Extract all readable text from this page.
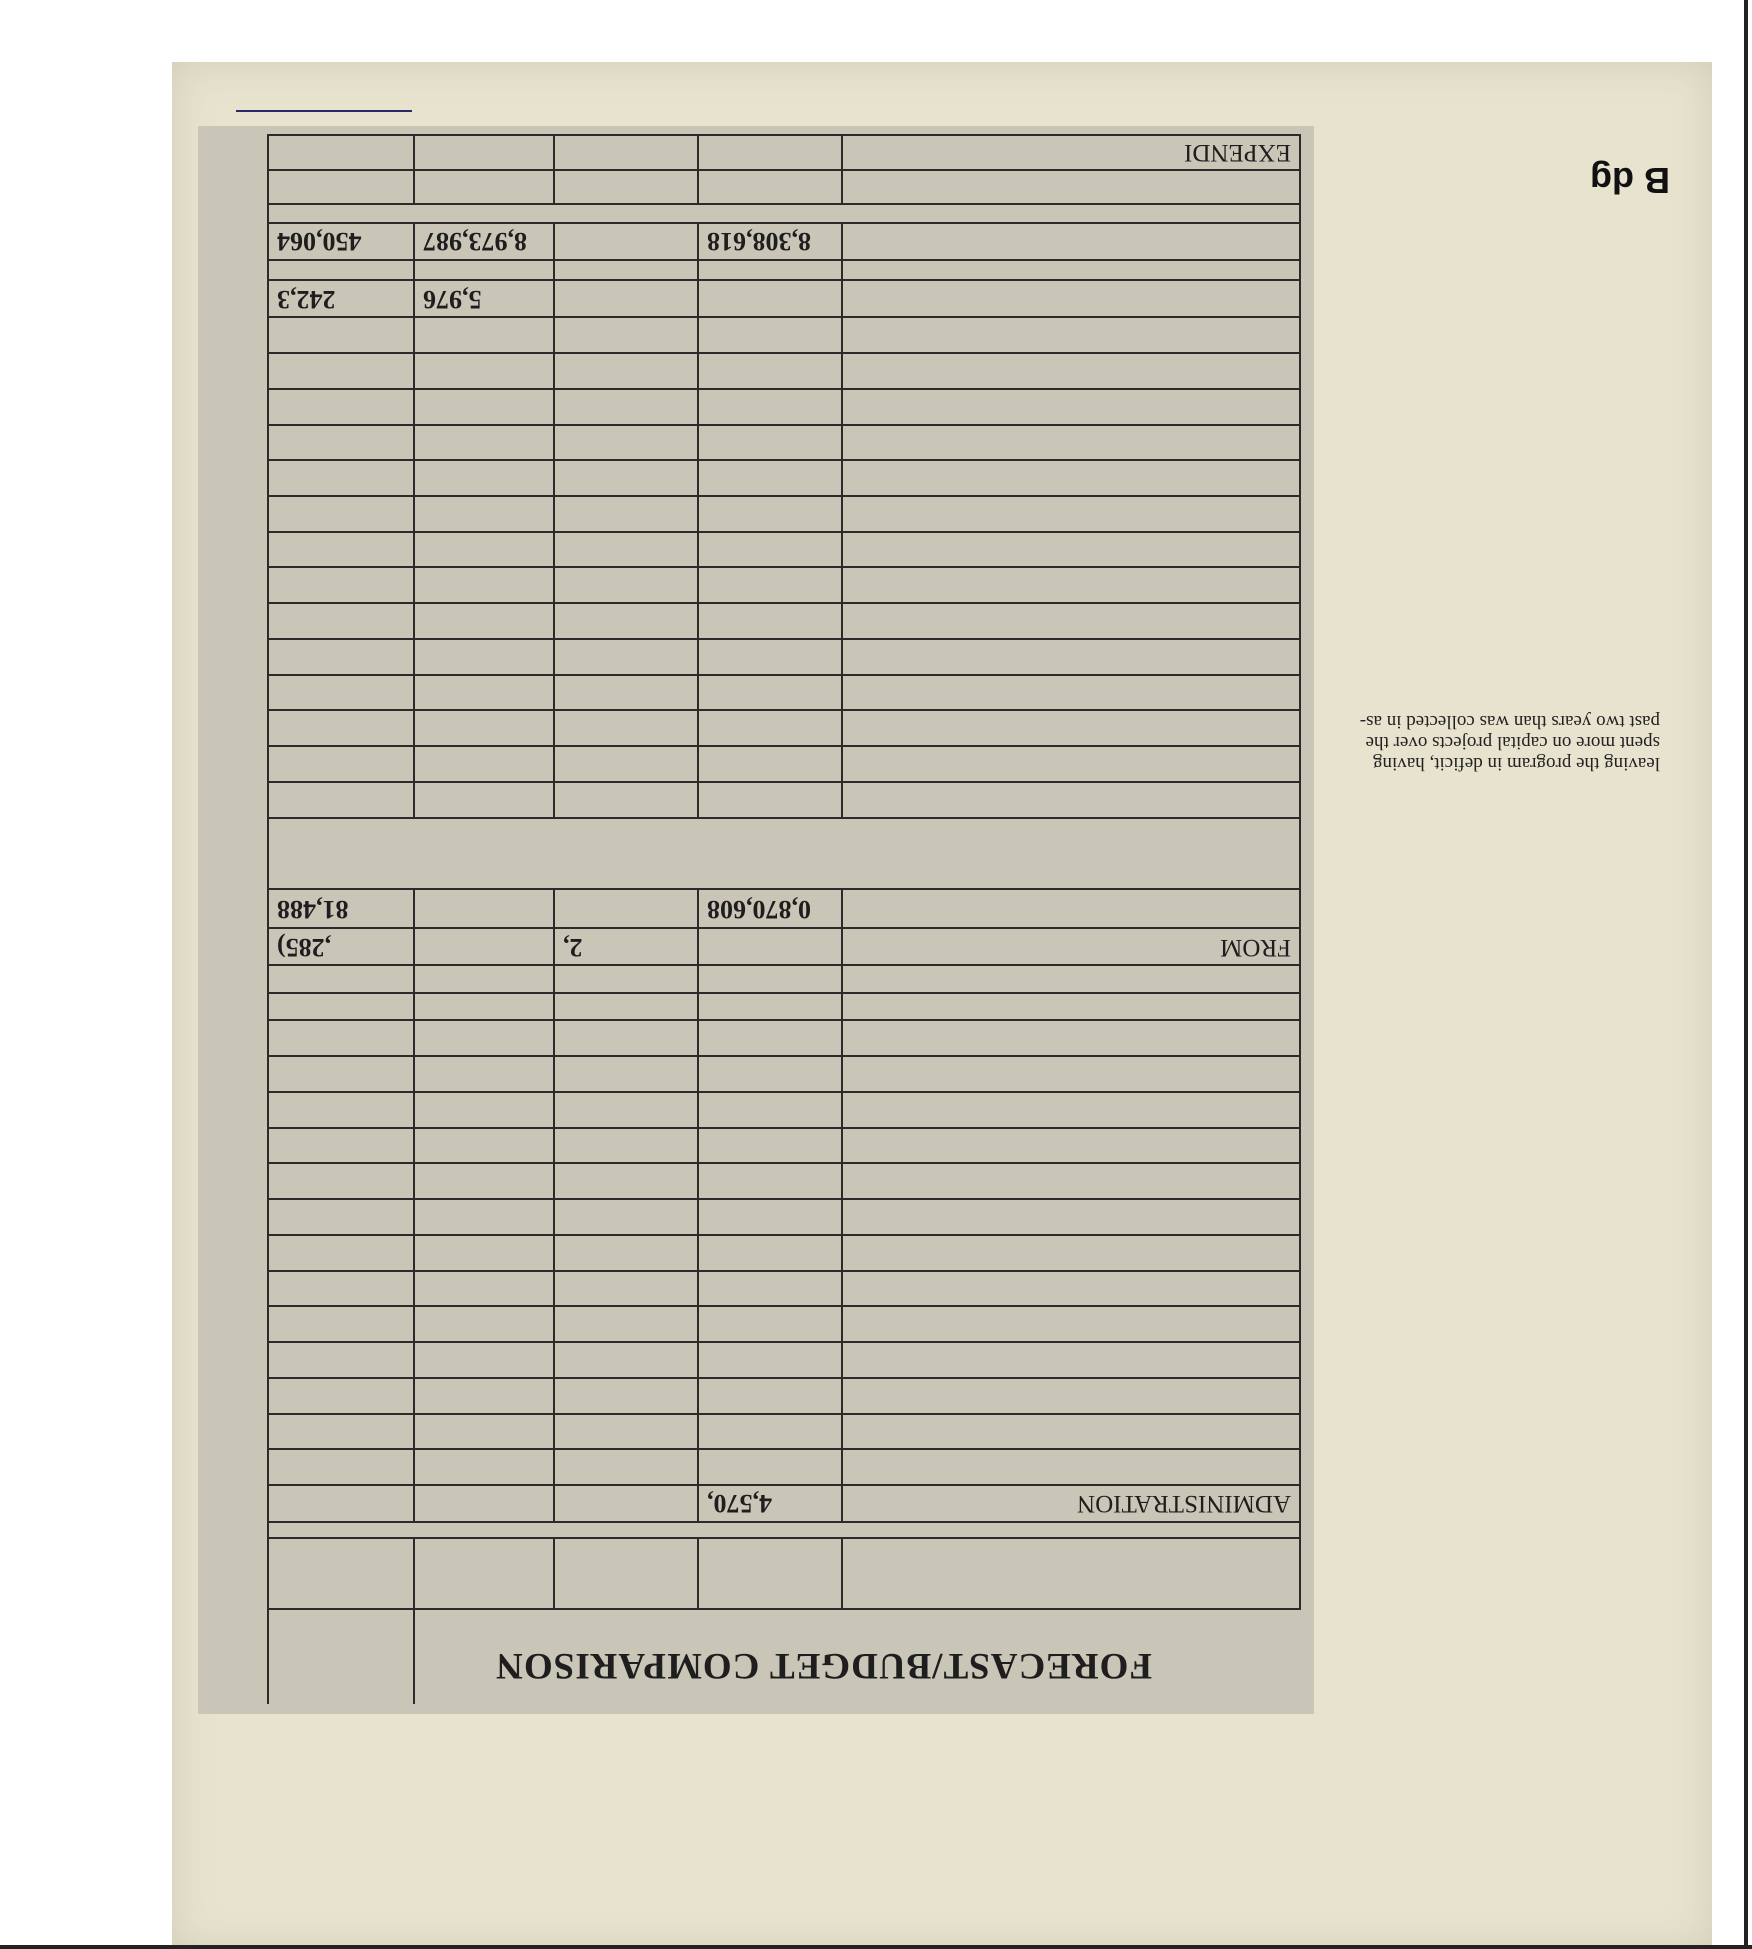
B dg
leaving the program in deficit, having
spent more on capital projects over the
past two years than was collected in as-

ADMINISTRATION	4,570,			

FROM		2,		,285)
	0,870,608			81,488

			5,976	242,3

	8,308,618		8,973,987	450,064

EXPENDI				
FORECAST/BUDGET COMPARISON
